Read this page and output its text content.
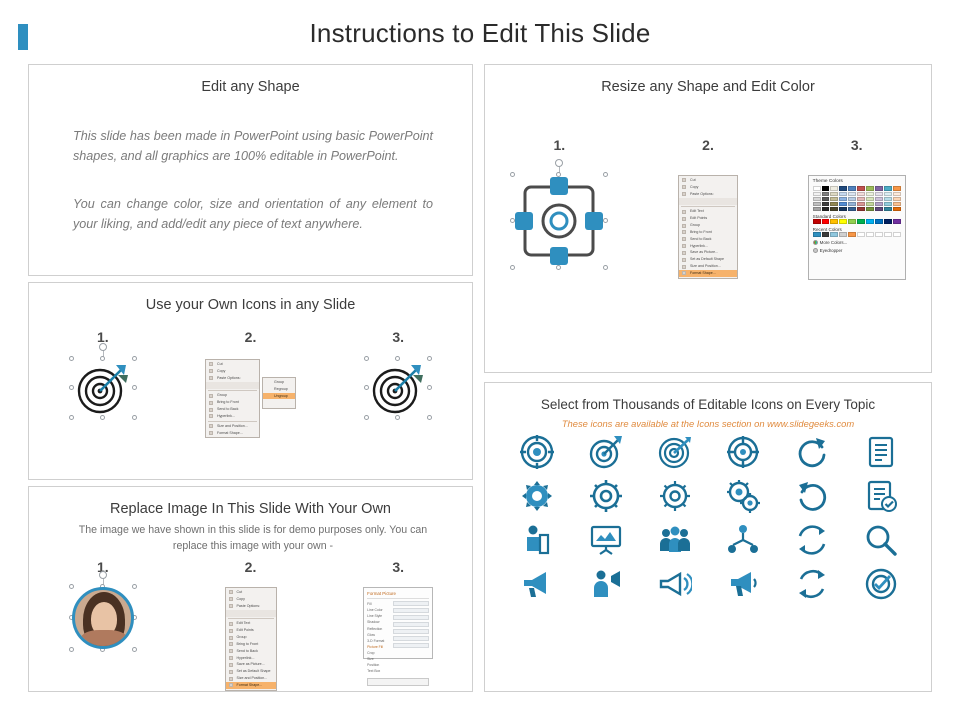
Instructions to Edit This Slide
Edit any Shape
This slide has been made in PowerPoint using basic PowerPoint shapes, and all graphics are 100% editable in PowerPoint.
You can change color, size and orientation of any element to your liking, and add/edit any piece of text anywhere.
Use your Own Icons in any Slide
1.	2.	3.
Cut
Copy
Paste Options:
Group
Bring to Front
Send to Back
Hyperlink...
Size and Position...
Format Shape...
Group
Regroup
Ungroup
Replace Image In This Slide With Your Own
The image we have shown in this slide is for demo purposes only. You can replace this image with your own -
1.	2.	3.
Cut
Copy
Paste Options:
Edit Text
Edit Points
Group
Bring to Front
Send to Back
Hyperlink...
Save as Picture...
Set as Default Shape
Size and Position...
Format Shape...
Format Picture
Fill
Line Color
Line Style
Shadow
Reflection
Glow
3-D Format
Picture Fill
Crop
Size
Position
Text Box
Resize any Shape and Edit Color
1.	2.	3.
Cut
Copy
Paste Options:
Edit Text
Edit Points
Group
Bring to Front
Send to Back
Hyperlink...
Save as Picture...
Set as Default Shape
Size and Position...
Format Shape...
Theme Colors
Standard Colors
Recent Colors
More Colors...
Eyedropper
Select from Thousands of Editable Icons on Every Topic
These icons are available at the Icons section on www.slidegeeks.com
